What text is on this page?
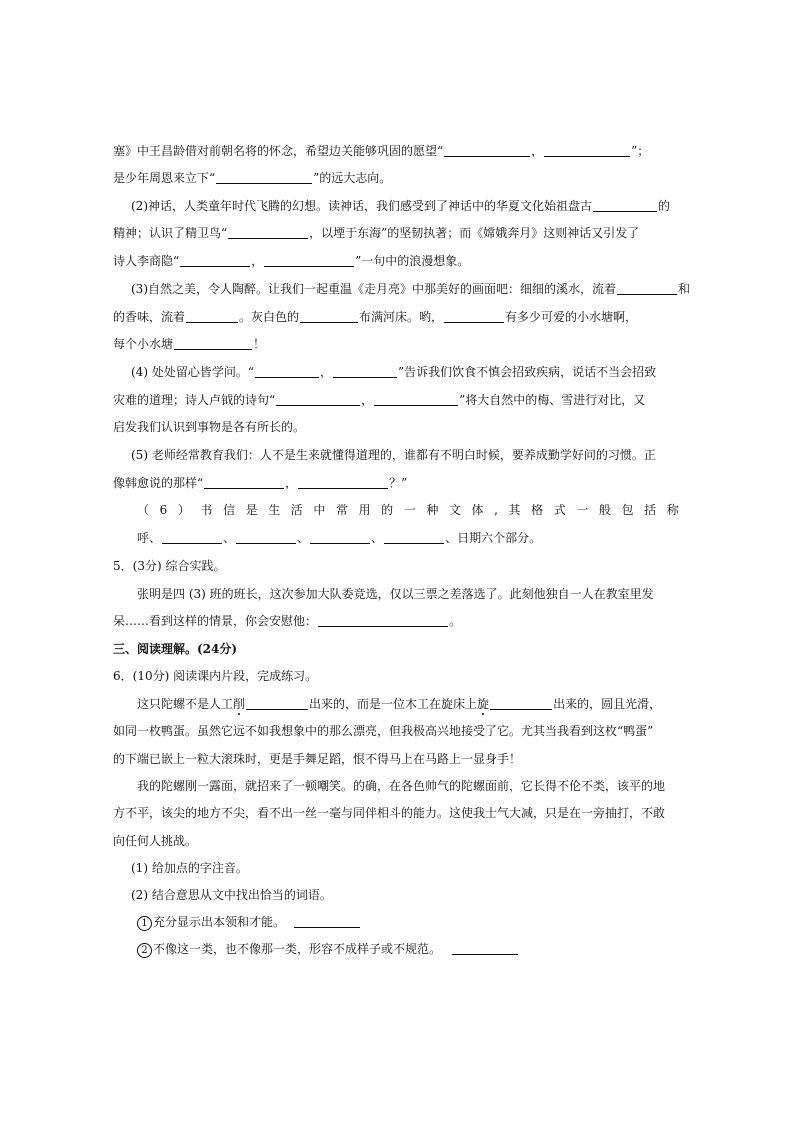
塞》中王昌龄借对前朝名将的怀念，希望边关能够巩固的愿望“	，	”；
是少年周恩来立下“	”的远大志向。
(2)神话，人类童年时代飞腾的幻想。读神话，我们感受到了神话中的华夏文化始祖盘古	的
精神；认识了精卫鸟“	，以堙于东海”的坚韧执著；而《嫦娥奔月》这则神话又引发了
诗人李商隐“	，	”一句中的浪漫想象。
(3)自然之美，令人陶醉。让我们一起重温《走月亮》中那美好的画面吧：细细的溪水，流着	和
的香味，流着	。灰白色的	布满河床。哟，	有多少可爱的小水塘啊，
每个小水塘	！
(4) 处处留心皆学问。“	，	”告诉我们饮食不慎会招致疾病，说话不当会招致
灾难的道理；诗人卢钺的诗句“	，	”将大自然中的梅、雪进行对比，又
启发我们认识到事物是各有所长的。
(5) 老师经常教育我们：人不是生来就懂得道理的，谁都有不明白时候，要养成勤学好问的习惯。正
像韩愈说的那样“	，	？”
（ 6 ） 书 信 是 生 活 中 常 用 的 一 种 文 体 , 其 格 式 一 般 包 括 称
呼、	、	、	、	、日期六个部分。
5．(3分) 综合实践。
张明是四 (3) 班的班长，这次参加大队委竞选，仅以三票之差落选了。此刻他独自一人在教室里发
呆……看到这样的情景，你会安慰他：	。
三、阅读理解。(24分)
6．(10分) 阅读课内片段，完成练习。
这只陀螺不是人工削	出来的，而是一位木工在旋床上旋	出来的，圆且光滑，
如同一枚鸭蛋。虽然它远不如我想象中的那么漂亮，但我极高兴地接受了它。尤其当我看到这枚“鸭蛋”
的下端已嵌上一粒大滚珠时，更是手舞足蹈，恨不得马上在马路上一显身手！
我的陀螺刚一露面，就招来了一顿嘲笑。的确，在各色帅气的陀螺面前，它长得不伦不类，该平的地
方不平，该尖的地方不尖，看不出一丝一毫与同伴相斗的能力。这使我士气大减，只是在一旁抽打，不敢
向任何人挑战。
(1) 给加点的字注音。
(2) 结合意思从文中找出恰当的词语。
1 充分显示出本领和才能。
2 不像这一类，也不像那一类，形容不成样子或不规范。
